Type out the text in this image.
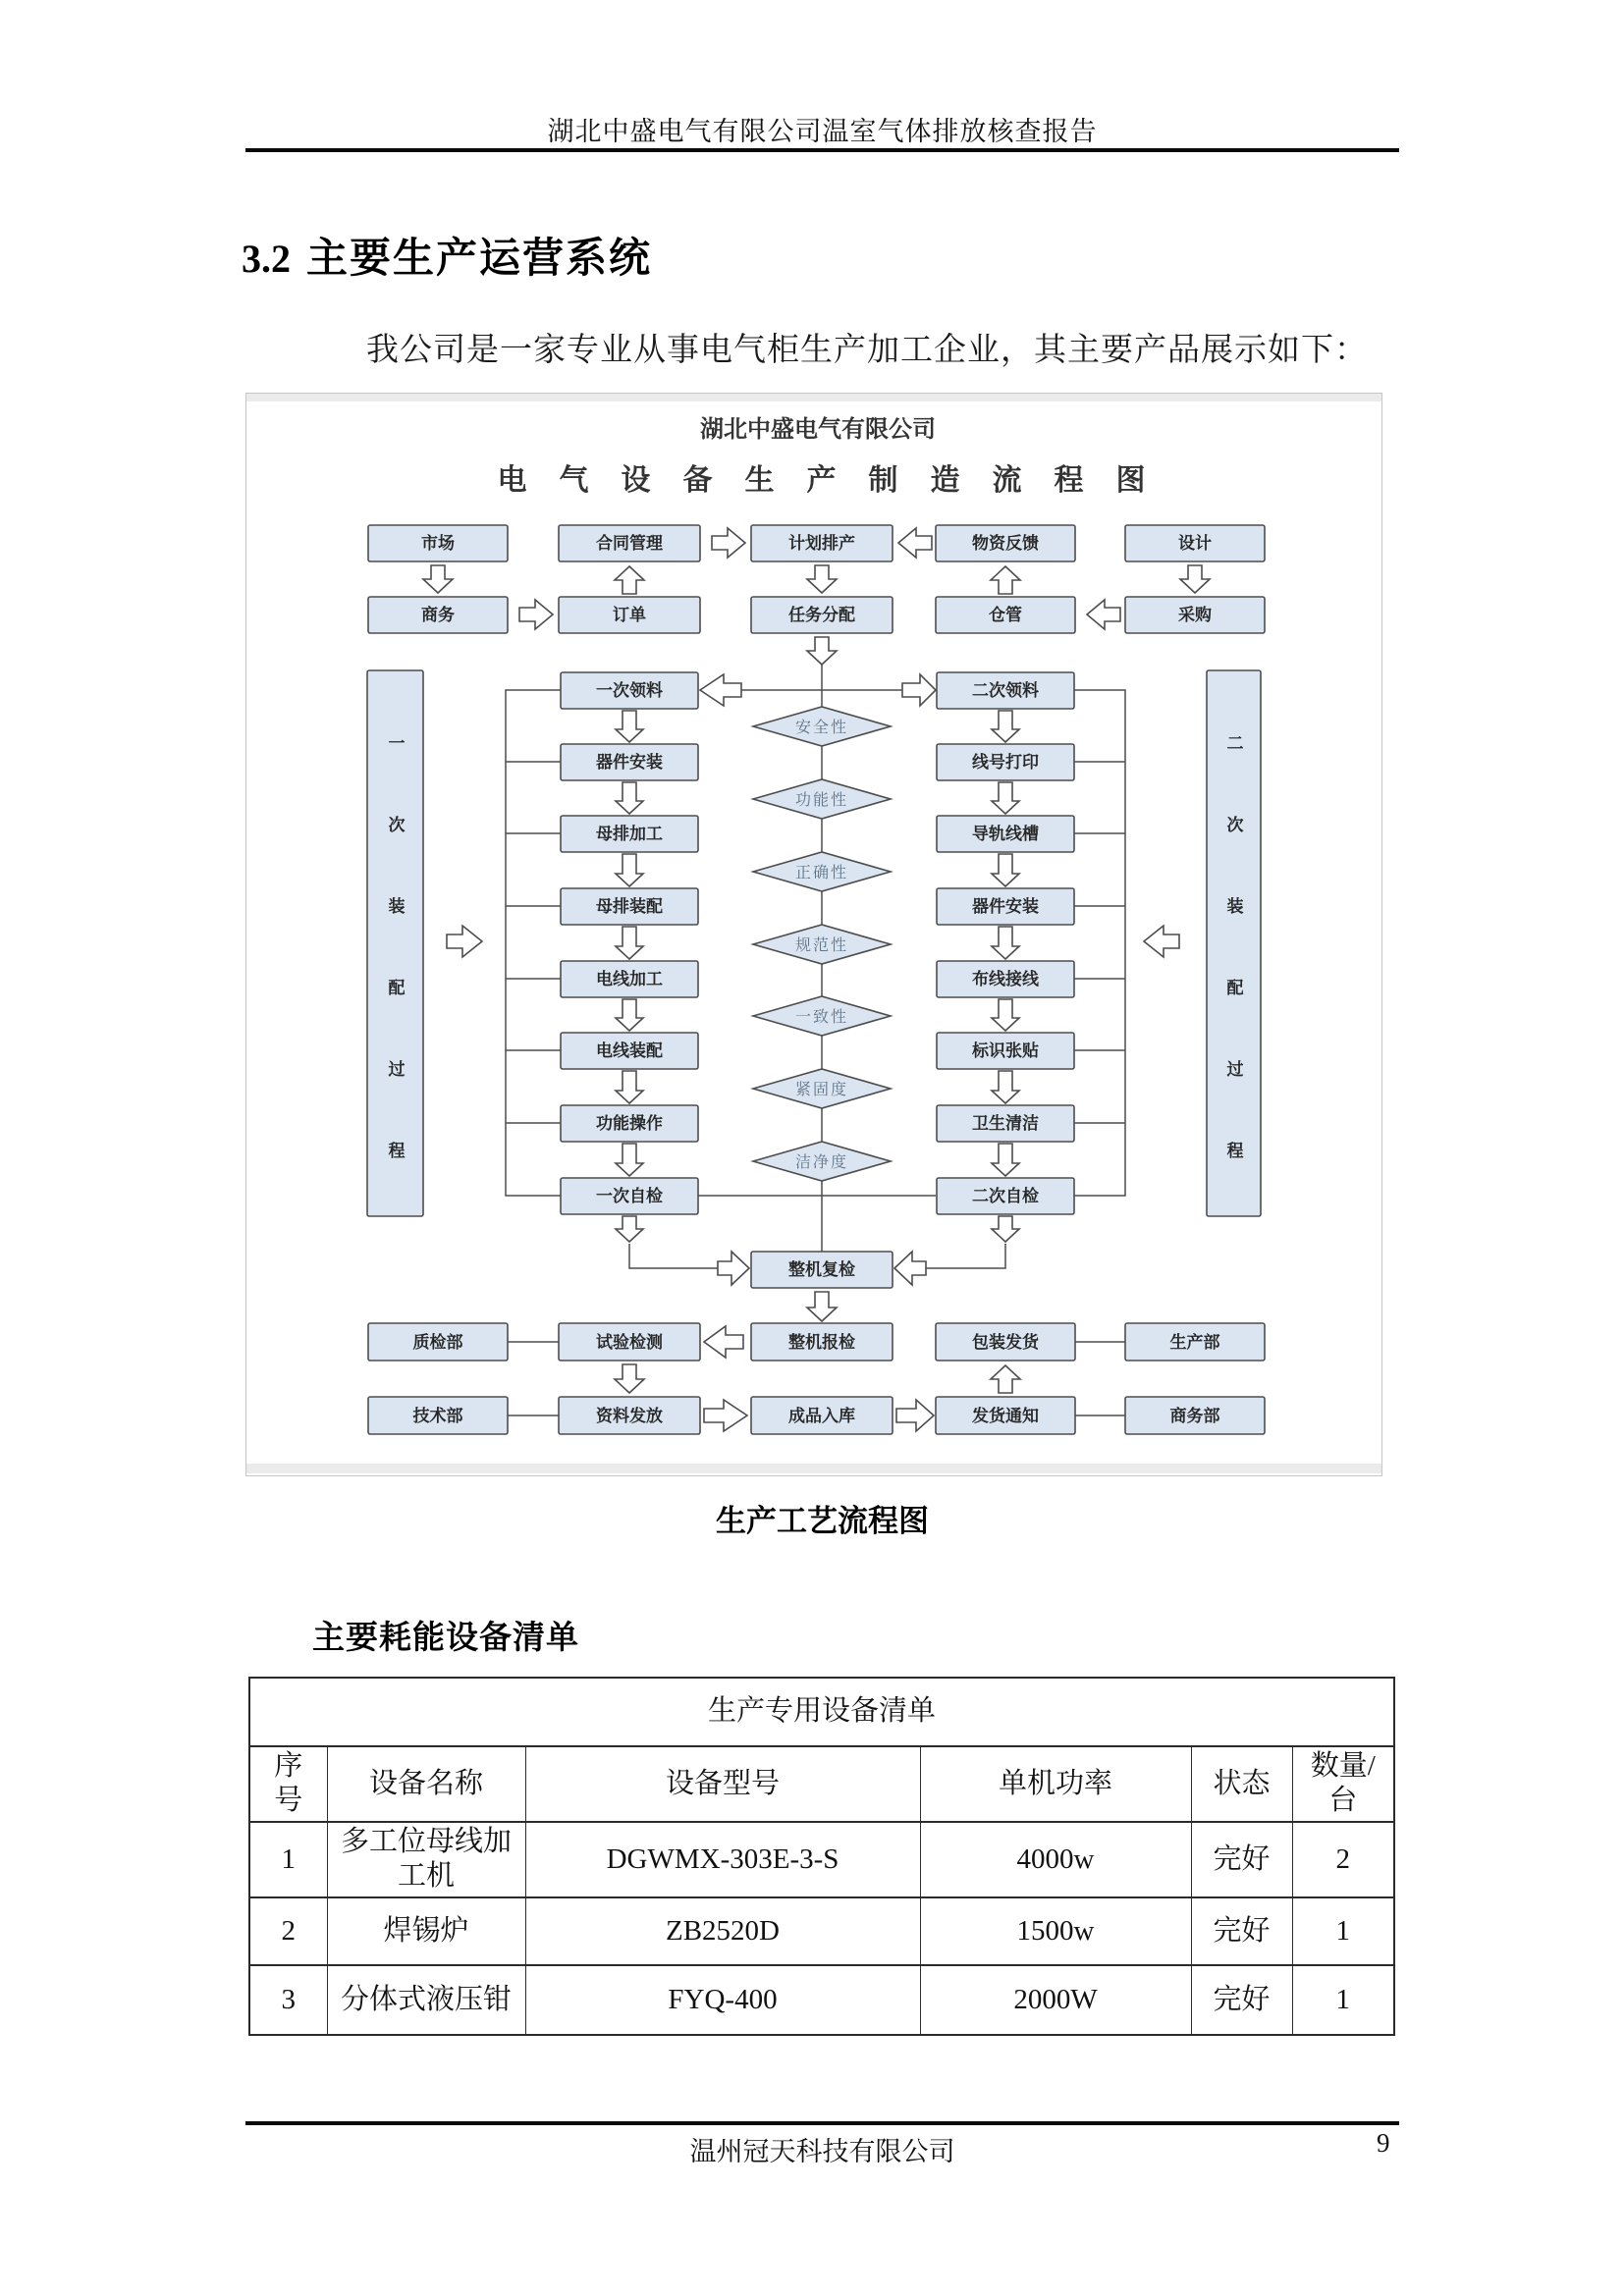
湖北中盛电气有限公司温室气体排放核查报告
3.2 主要生产运营系统
我公司是一家专业从事电气柜生产加工企业，其主要产品展示如下：
湖北中盛电气有限公司
电气设备生产制造流程图
市场	合同管理	计划排产	物资反馈	设计
商务	订单	任务分配	仓管	采购
一次领料
器件安装
母排加工
母排装配
电线加工
电线装配
功能操作
一次自检
二次领料
线号打印
导轨线槽
器件安装
布线接线
标识张贴
卫生清洁
二次自检
安全性
功能性
正确性
规范性
一致性
紧固度
洁净度
一次装配过程	二次装配过程
整机复检
质检部	试验检测	整机报检	包装发货	生产部
技术部	资料发放	成品入库	发货通知	商务部
生产工艺流程图
主要耗能设备清单
生产专用设备清单					
序号	设备名称	设备型号	单机功率	状态	数量/台
1	多工位母线加工机	DGWMX-303E-3-S	4000w	完好	2
2	焊锡炉	ZB2520D	1500w	完好	1
3	分体式液压钳	FYQ-400	2000W	完好	1
温州冠天科技有限公司	9
